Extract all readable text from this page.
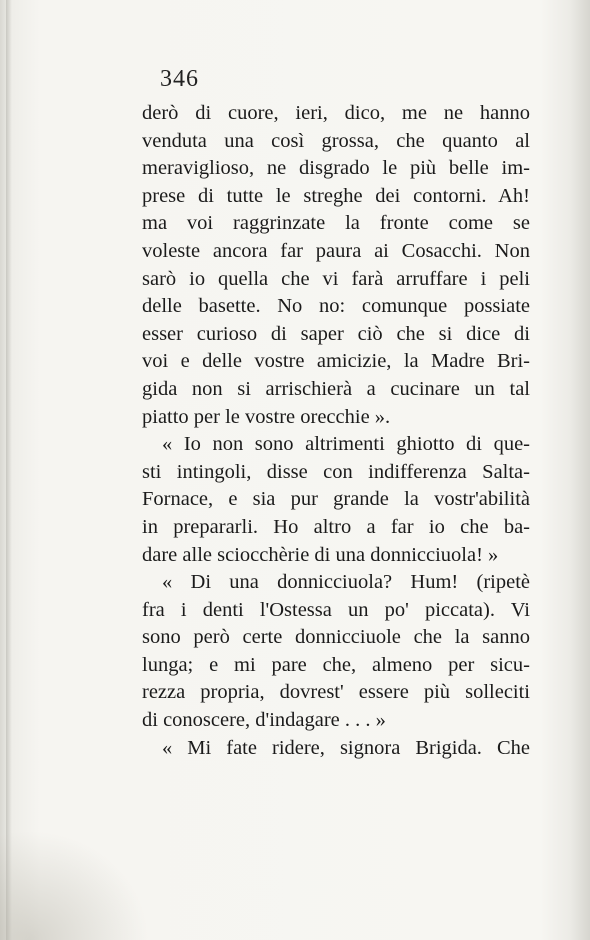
346
derò di cuore, ieri, dico, me ne hanno
venduta una così grossa, che quanto al
meraviglioso, ne disgrado le più belle im-
prese di tutte le streghe dei contorni. Ah!
ma voi raggrinzate la fronte come se
voleste ancora far paura ai Cosacchi. Non
sarò io quella che vi farà arruffare i peli
delle basette. No no: comunque possiate
esser curioso di saper ciò che si dice di
voi e delle vostre amicizie, la Madre Bri-
gida non si arrischierà a cucinare un tal
piatto per le vostre orecchie ».
« Io non sono altrimenti ghiotto di que-
sti intingoli, disse con indifferenza Salta-
Fornace, e sia pur grande la vostr'abilità
in prepararli. Ho altro a far io che ba-
dare alle sciocchèrie di una donnicciuola! »
« Di una donnicciuola? Hum! (ripetè
fra i denti l'Ostessa un po' piccata). Vi
sono però certe donnicciuole che la sanno
lunga; e mi pare che, almeno per sicu-
rezza propria, dovrest' essere più solleciti
di conoscere, d'indagare . . . »
« Mi fate ridere, signora Brigida. Che
